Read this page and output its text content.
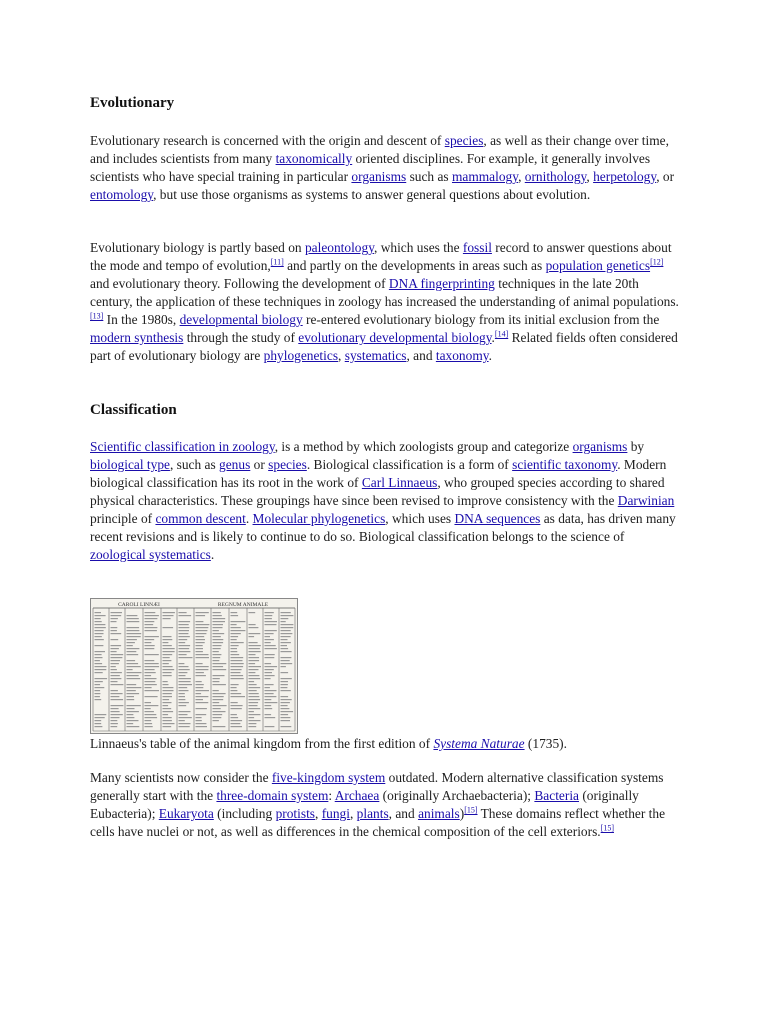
Evolutionary

Evolutionary research is concerned with the origin and descent of species, as well as their change over time, and includes scientists from many taxonomically oriented disciplines. For example, it generally involves scientists who have special training in particular organisms such as mammalogy, ornithology, herpetology, or entomology, but use those organisms as systems to answer general questions about evolution.

Evolutionary biology is partly based on paleontology, which uses the fossil record to answer questions about the mode and tempo of evolution,[11] and partly on the developments in areas such as population genetics[12] and evolutionary theory. Following the development of DNA fingerprinting techniques in the late 20th century, the application of these techniques in zoology has increased the understanding of animal populations.[13] In the 1980s, developmental biology re-entered evolutionary biology from its initial exclusion from the modern synthesis through the study of evolutionary developmental biology.[14] Related fields often considered part of evolutionary biology are phylogenetics, systematics, and taxonomy.

Classification

Scientific classification in zoology, is a method by which zoologists group and categorize organisms by biological type, such as genus or species. Biological classification is a form of scientific taxonomy. Modern biological classification has its root in the work of Carl Linnaeus, who grouped species according to shared physical characteristics. These groupings have since been revised to improve consistency with the Darwinian principle of common descent. Molecular phylogenetics, which uses DNA sequences as data, has driven many recent revisions and is likely to continue to do so. Biological classification belongs to the science of zoological systematics.

CAROLI LINNÆI	REGNUM ANIMALE

Linnaeus's table of the animal kingdom from the first edition of Systema Naturae (1735).

Many scientists now consider the five-kingdom system outdated. Modern alternative classification systems generally start with the three-domain system: Archaea (originally Archaebacteria); Bacteria (originally Eubacteria); Eukaryota (including protists, fungi, plants, and animals)[15] These domains reflect whether the cells have nuclei or not, as well as differences in the chemical composition of the cell exteriors.[15]
